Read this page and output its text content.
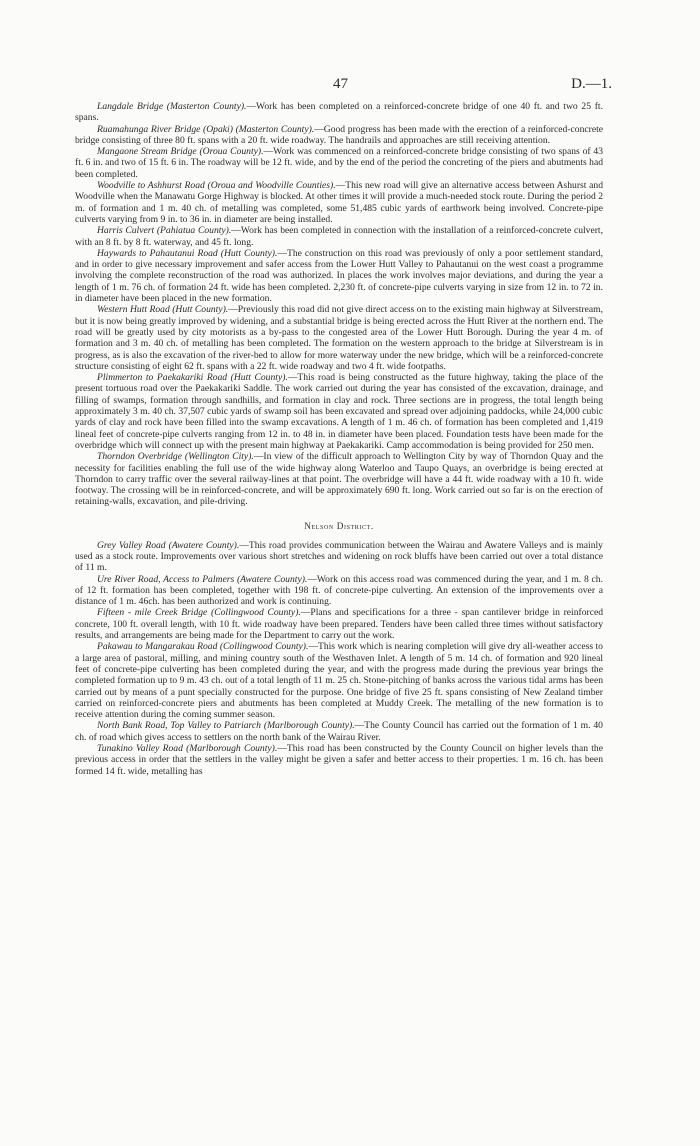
47	D.—1.

Langdale Bridge (Masterton County).—Work has been completed on a reinforced-concrete bridge of one 40 ft. and two 25 ft. spans.

Ruamahunga River Bridge (Opaki) (Masterton County).—Good progress has been made with the erection of a reinforced-concrete bridge consisting of three 80 ft. spans with a 20 ft. wide roadway. The handrails and approaches are still receiving attention.

Mangaone Stream Bridge (Oroua County).—Work was commenced on a reinforced-concrete bridge consisting of two spans of 43 ft. 6 in. and two of 15 ft. 6 in. The roadway will be 12 ft. wide, and by the end of the period the concreting of the piers and abutments had been completed.

Woodville to Ashhurst Road (Oroua and Woodville Counties).—This new road will give an alternative access between Ashurst and Woodville when the Manawatu Gorge Highway is blocked. At other times it will provide a much-needed stock route. During the period 2 m. of formation and 1 m. 40 ch. of metalling was completed, some 51,485 cubic yards of earthwork being involved. Concrete-pipe culverts varying from 9 in. to 36 in. in diameter are being installed.

Harris Culvert (Pahiatua County).—Work has been completed in connection with the installation of a reinforced-concrete culvert, with an 8 ft. by 8 ft. waterway, and 45 ft. long.

Haywards to Pahautanui Road (Hutt County).—The construction on this road was previously of only a poor settlement standard, and in order to give necessary improvement and safer access from the Lower Hutt Valley to Pahautanui on the west coast a programme involving the complete reconstruction of the road was authorized. In places the work involves major deviations, and during the year a length of 1 m. 76 ch. of formation 24 ft. wide has been completed. 2,230 ft. of concrete-pipe culverts varying in size from 12 in. to 72 in. in diameter have been placed in the new formation.

Western Hutt Road (Hutt County).—Previously this road did not give direct access on to the existing main highway at Silverstream, but it is now being greatly improved by widening, and a substantial bridge is being erected across the Hutt River at the northern end. The road will be greatly used by city motorists as a by-pass to the congested area of the Lower Hutt Borough. During the year 4 m. of formation and 3 m. 40 ch. of metalling has been completed. The formation on the western approach to the bridge at Silverstream is in progress, as is also the excavation of the river-bed to allow for more waterway under the new bridge, which will be a reinforced-concrete structure consisting of eight 62 ft. spans with a 22 ft. wide roadway and two 4 ft. wide footpaths.

Plimmerton to Paekakariki Road (Hutt County).—This road is being constructed as the future highway, taking the place of the present tortuous road over the Paekakariki Saddle. The work carried out during the year has consisted of the excavation, drainage, and filling of swamps, formation through sandhills, and formation in clay and rock. Three sections are in progress, the total length being approximately 3 m. 40 ch. 37,507 cubic yards of swamp soil has been excavated and spread over adjoining paddocks, while 24,000 cubic yards of clay and rock have been filled into the swamp excavations. A length of 1 m. 46 ch. of formation has been completed and 1,419 lineal feet of concrete-pipe culverts ranging from 12 in. to 48 in. in diameter have been placed. Foundation tests have been made for the overbridge which will connect up with the present main highway at Paekakariki. Camp accommodation is being provided for 250 men.

Thorndon Overbridge (Wellington City).—In view of the difficult approach to Wellington City by way of Thorndon Quay and the necessity for facilities enabling the full use of the wide highway along Waterloo and Taupo Quays, an overbridge is being erected at Thorndon to carry traffic over the several railway-lines at that point. The overbridge will have a 44 ft. wide roadway with a 10 ft. wide footway. The crossing will be in reinforced-concrete, and will be approximately 690 ft. long. Work carried out so far is on the erection of retaining-walls, excavation, and pile-driving.

Nelson District.

Grey Valley Road (Awatere County).—This road provides communication between the Wairau and Awatere Valleys and is mainly used as a stock route. Improvements over various short stretches and widening on rock bluffs have been carried out over a total distance of 11 m.

Ure River Road, Access to Palmers (Awatere County).—Work on this access road was commenced during the year, and 1 m. 8 ch. of 12 ft. formation has been completed, together with 198 ft. of concrete-pipe culverting. An extension of the improvements over a distance of 1 m. 46ch. has been authorized and work is continuing.

Fifteen - mile Creek Bridge (Collingwood County).—Plans and specifications for a three - span cantilever bridge in reinforced concrete, 100 ft. overall length, with 10 ft. wide roadway have been prepared. Tenders have been called three times without satisfactory results, and arrangements are being made for the Department to carry out the work.

Pakawau to Mangarakau Road (Collingwood County).—This work which is nearing completion will give dry all-weather access to a large area of pastoral, milling, and mining country south of the Westhaven Inlet. A length of 5 m. 14 ch. of formation and 920 lineal feet of concrete-pipe culverting has been completed during the year, and with the progress made during the previous year brings the completed formation up to 9 m. 43 ch. out of a total length of 11 m. 25 ch. Stone-pitching of banks across the various tidal arms has been carried out by means of a punt specially constructed for the purpose. One bridge of five 25 ft. spans consisting of New Zealand timber carried on reinforced-concrete piers and abutments has been completed at Muddy Creek. The metalling of the new formation is to receive attention during the coming summer season.

North Bank Road, Top Valley to Patriarch (Marlborough County).—The County Council has carried out the formation of 1 m. 40 ch. of road which gives access to settlers on the north bank of the Wairau River.

Tunakino Valley Road (Marlborough County).—This road has been constructed by the County Council on higher levels than the previous access in order that the settlers in the valley might be given a safer and better access to their properties. 1 m. 16 ch. has been formed 14 ft. wide, metalling has
